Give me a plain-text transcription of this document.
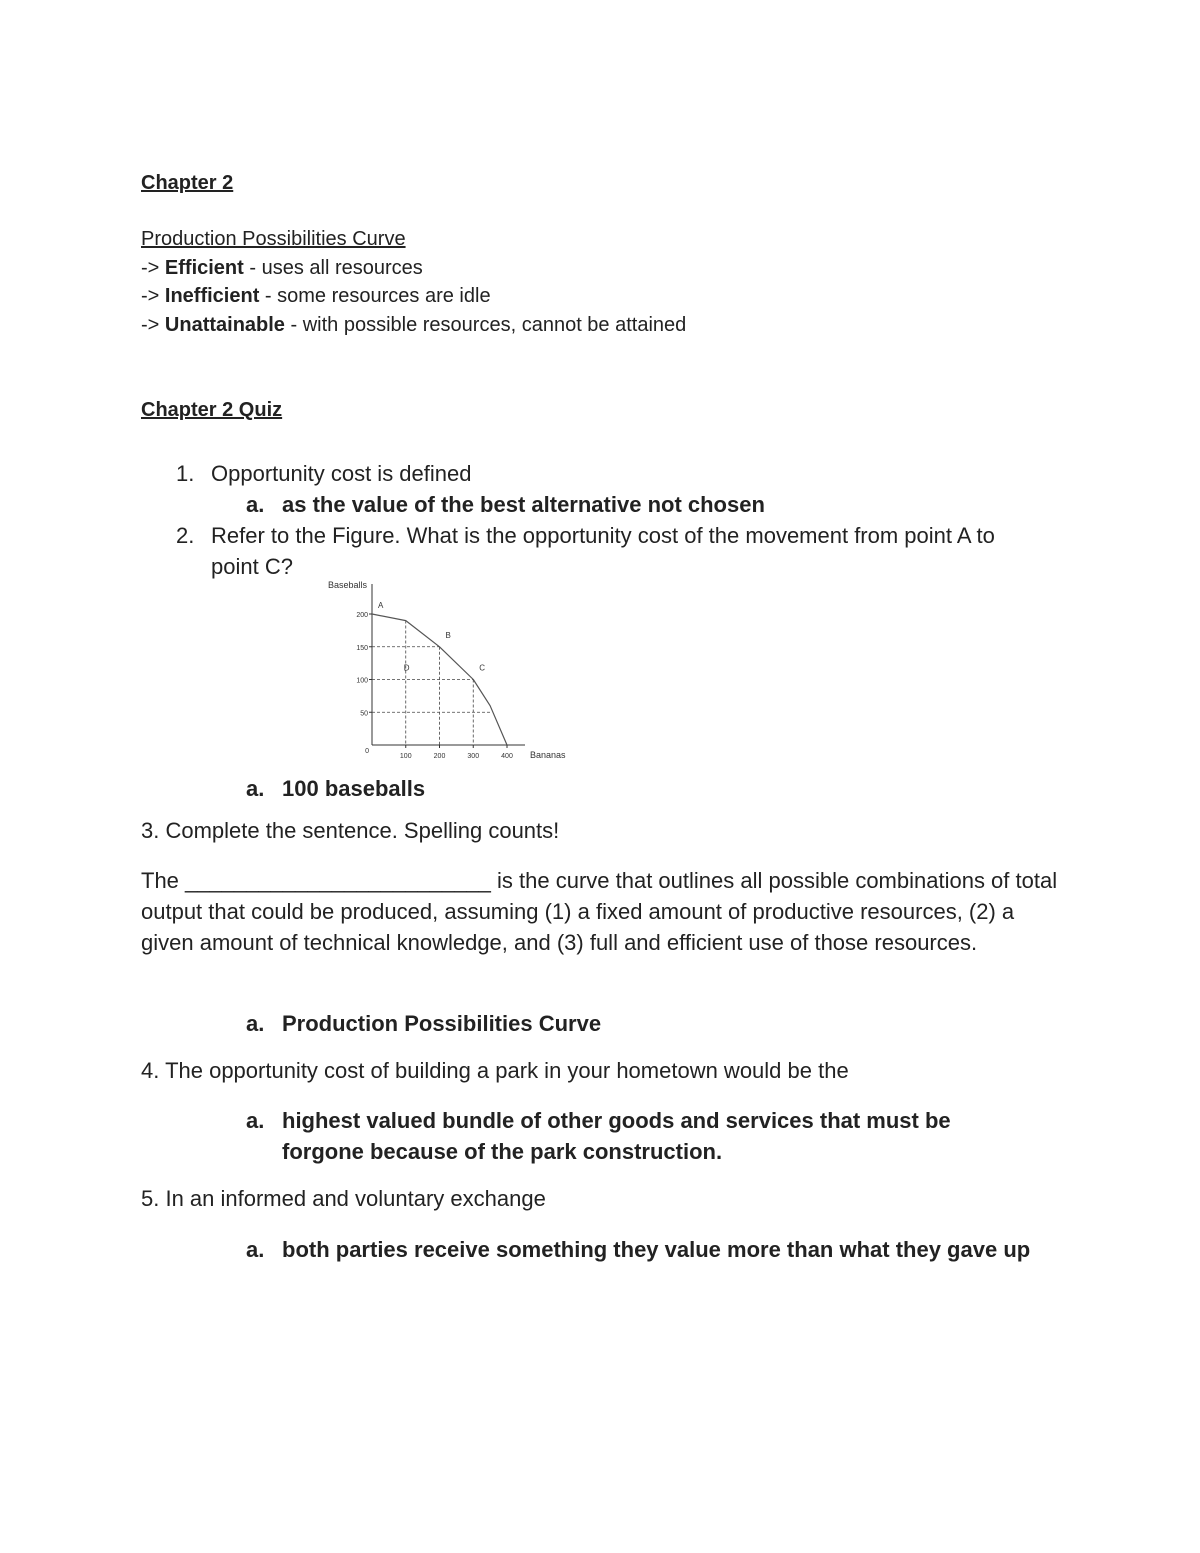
Chapter 2
Production Possibilities Curve
-> Efficient - uses all resources
-> Inefficient - some resources are idle
-> Unattainable - with possible resources, cannot be attained
Chapter 2 Quiz
1. Opportunity cost is defined
a. as the value of the best alternative not chosen
2. Refer to the Figure. What is the opportunity cost of the movement from point A to
point C?
Baseballs
Bananas
0
50
100
150
200
100	200	300	400
A
B
C
D
a. 100 baseballs
3. Complete the sentence. Spelling counts!
The _________________________ is the curve that outlines all possible combinations of total output that could be produced, assuming (1) a fixed amount of productive resources, (2) a given amount of technical knowledge, and (3) full and efficient use of those resources.
a. Production Possibilities Curve
4. The opportunity cost of building a park in your hometown would be the
a. highest valued bundle of other goods and services that must be forgone because of the park construction.
5. In an informed and voluntary exchange
a. both parties receive something they value more than what they gave up
